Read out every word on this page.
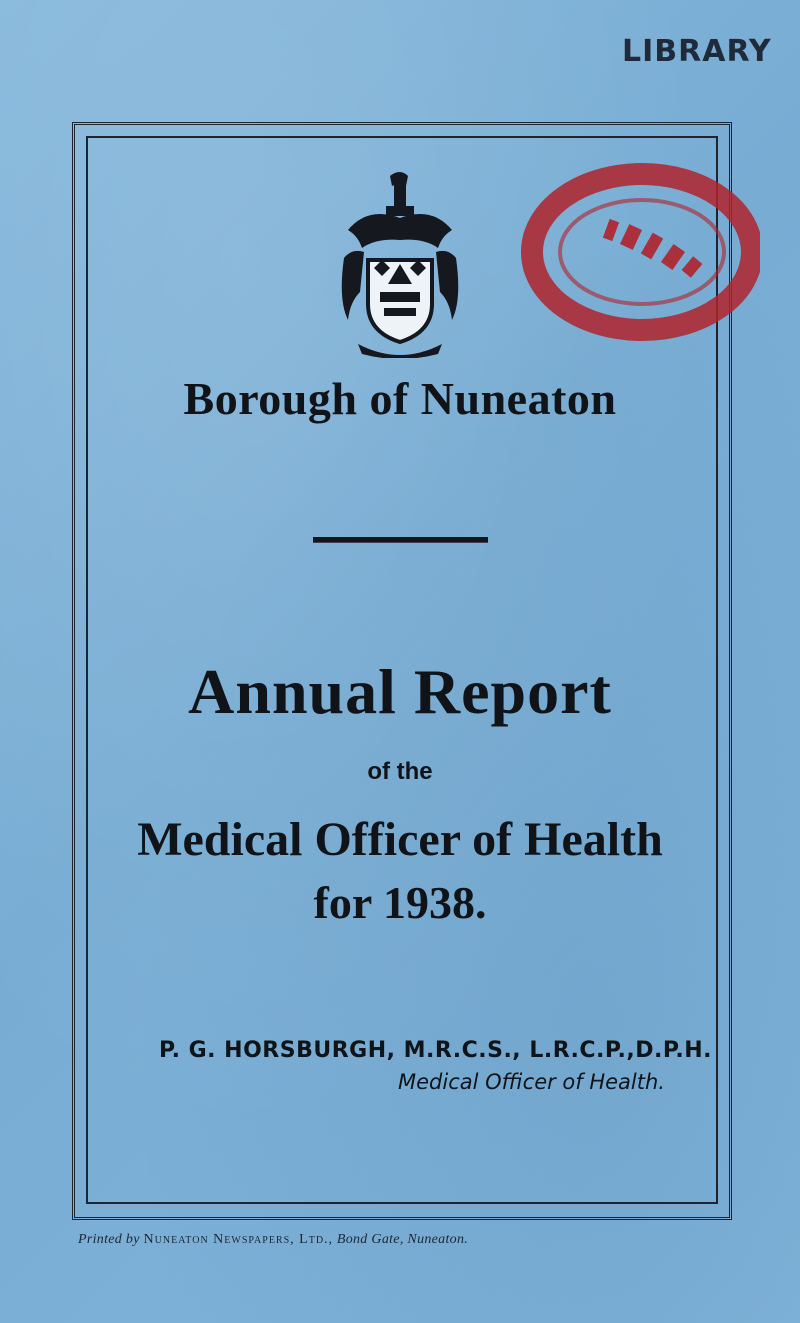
LIBRARY
Borough of Nuneaton
Annual Report
of the
Medical Officer of Health
for 1938.
P. G. HORSBURGH, M.R.C.S., L.R.C.P.,D.P.H.
Medical Officer of Health.
Printed by Nuneaton Newspapers, Ltd., Bond Gate, Nuneaton.
